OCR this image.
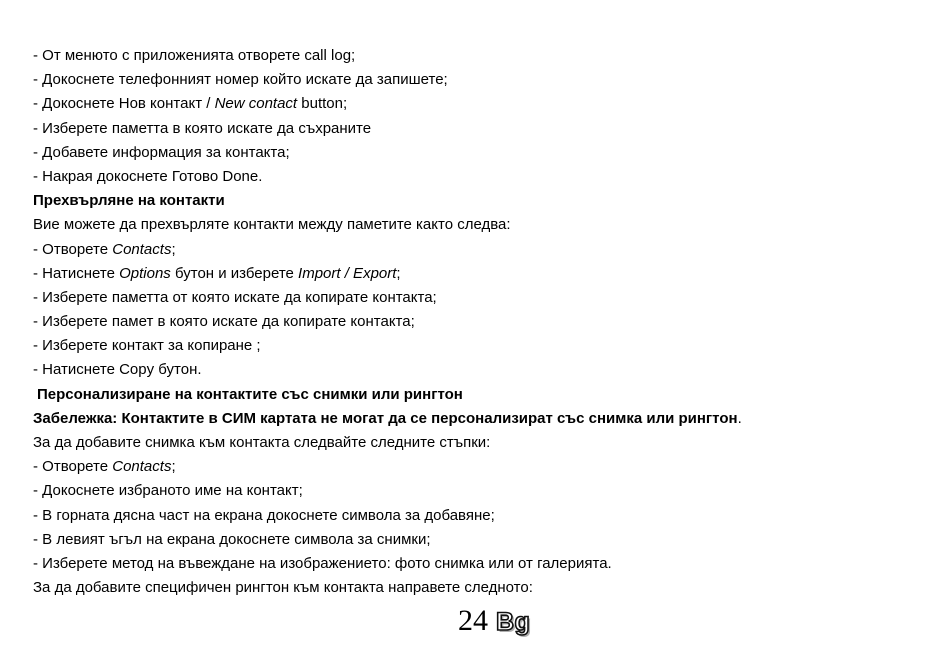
- От менюто с приложенията отворете call log;
- Докоснете телефонният номер който искате да запишете;
- Докоснете Нов контакт / New contact button;
- Изберете паметта в която искате да съхраните
- Добавете информация за контакта;
- Накрая докоснете Готово Done.
Прехвърляне на контакти
Вие можете да прехвърляте контакти между паметите както следва:
- Отворете Contacts;
- Натиснете Options бутон и изберете Import / Export;
- Изберете паметта от която искате да копирате контакта;
- Изберете памет в която искате да копирате контакта;
- Изберете контакт за копиране ;
- Натиснете Copy бутон.
Персонализиране на контактите със снимки или рингтон
Забележка: Контактите в СИМ картата не могат да се персонализират със снимка или рингтон.
За да добавите снимка към контакта следвайте следните стъпки:
- Отворете Contacts;
- Докоснете избраното име на контакт;
- В горната дясна част на екрана докоснете символа за добавяне;
- В левият ъгъл на екрана докоснете символа за снимки;
- Изберете метод на въвеждане на изображението: фото снимка или от галерията.
За да добавите специфичен рингтон към контакта направете следното:
24 Bg
